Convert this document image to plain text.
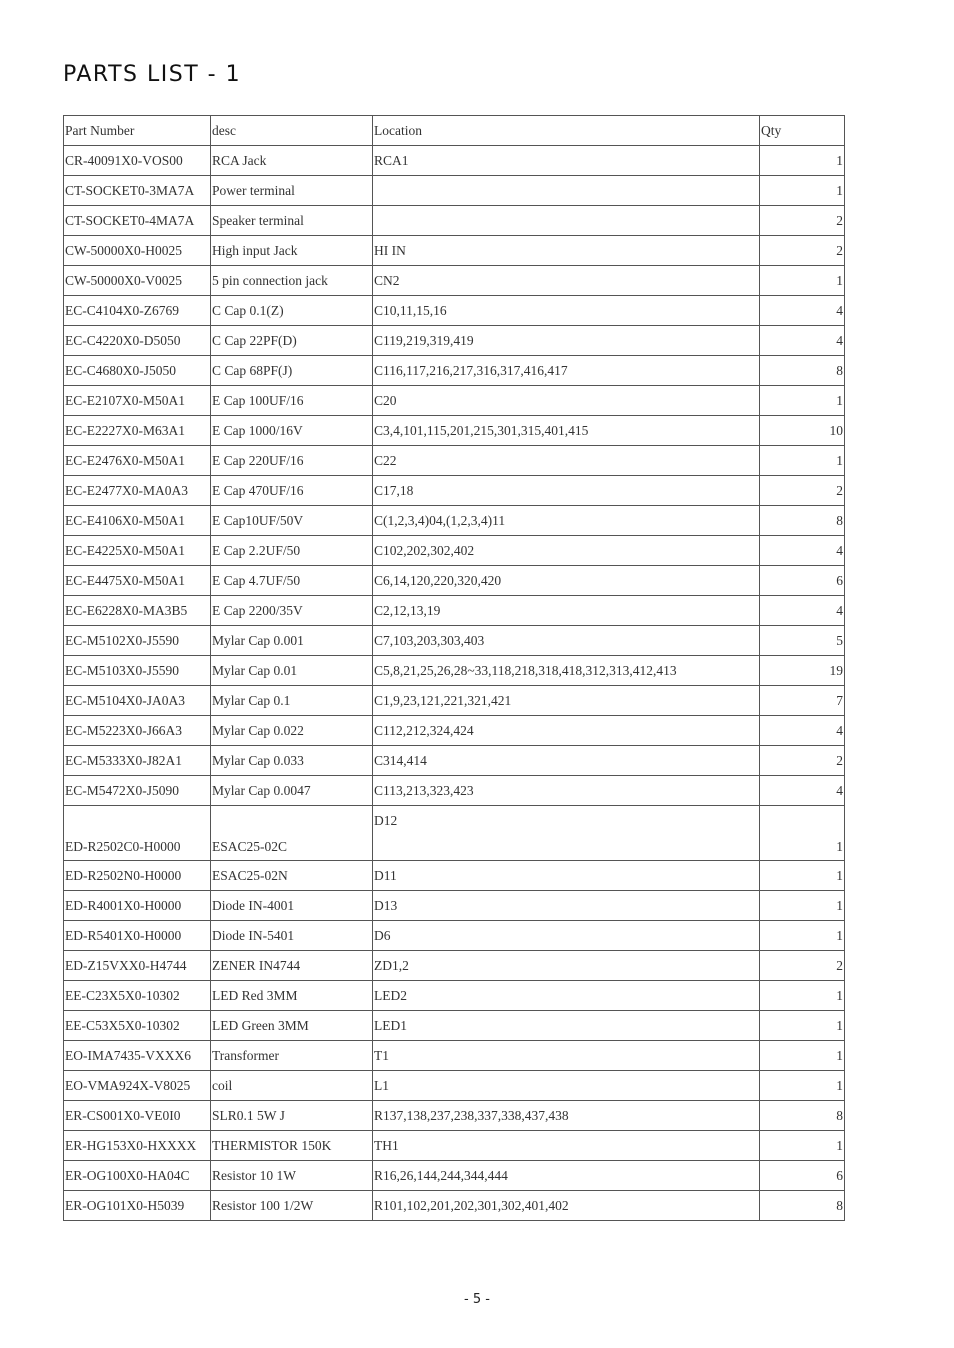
PARTS LIST - 1
Part Number	desc	Location	Qty
CR-40091X0-VOS00	RCA Jack	RCA1	1
CT-SOCKET0-3MA7A	Power terminal		1
CT-SOCKET0-4MA7A	Speaker terminal		2
CW-50000X0-H0025	High input Jack	HI IN	2
CW-50000X0-V0025	5 pin connection jack	CN2	1
EC-C4104X0-Z6769	C Cap 0.1(Z)	C10,11,15,16	4
EC-C4220X0-D5050	C Cap 22PF(D)	C119,219,319,419	4
EC-C4680X0-J5050	C Cap 68PF(J)	C116,117,216,217,316,317,416,417	8
EC-E2107X0-M50A1	E Cap 100UF/16	C20	1
EC-E2227X0-M63A1	E Cap 1000/16V	C3,4,101,115,201,215,301,315,401,415	10
EC-E2476X0-M50A1	E Cap 220UF/16	C22	1
EC-E2477X0-MA0A3	E Cap 470UF/16	C17,18	2
EC-E4106X0-M50A1	E Cap10UF/50V	C(1,2,3,4)04,(1,2,3,4)11	8
EC-E4225X0-M50A1	E Cap 2.2UF/50	C102,202,302,402	4
EC-E4475X0-M50A1	E Cap 4.7UF/50	C6,14,120,220,320,420	6
EC-E6228X0-MA3B5	E Cap 2200/35V	C2,12,13,19	4
EC-M5102X0-J5590	Mylar Cap 0.001	C7,103,203,303,403	5
EC-M5103X0-J5590	Mylar Cap 0.01	C5,8,21,25,26,28~33,118,218,318,418,312,313,412,413	19
EC-M5104X0-JA0A3	Mylar Cap 0.1	C1,9,23,121,221,321,421	7
EC-M5223X0-J66A3	Mylar Cap 0.022	C112,212,324,424	4
EC-M5333X0-J82A1	Mylar Cap 0.033	C314,414	2
EC-M5472X0-J5090	Mylar Cap 0.0047	C113,213,323,423	4
ED-R2502C0-H0000	ESAC25-02C	D12	1
ED-R2502N0-H0000	ESAC25-02N	D11	1
ED-R4001X0-H0000	Diode IN-4001	D13	1
ED-R5401X0-H0000	Diode IN-5401	D6	1
ED-Z15VXX0-H4744	ZENER IN4744	ZD1,2	2
EE-C23X5X0-10302	LED Red 3MM	LED2	1
EE-C53X5X0-10302	LED Green 3MM	LED1	1
EO-IMA7435-VXXX6	Transformer	T1	1
EO-VMA924X-V8025	coil	L1	1
ER-CS001X0-VE0I0	SLR0.1 5W J	R137,138,237,238,337,338,437,438	8
ER-HG153X0-HXXXX	THERMISTOR 150K	TH1	1
ER-OG100X0-HA04C	Resistor 10 1W	R16,26,144,244,344,444	6
ER-OG101X0-H5039	Resistor 100 1/2W	R101,102,201,202,301,302,401,402	8
- 5 -
